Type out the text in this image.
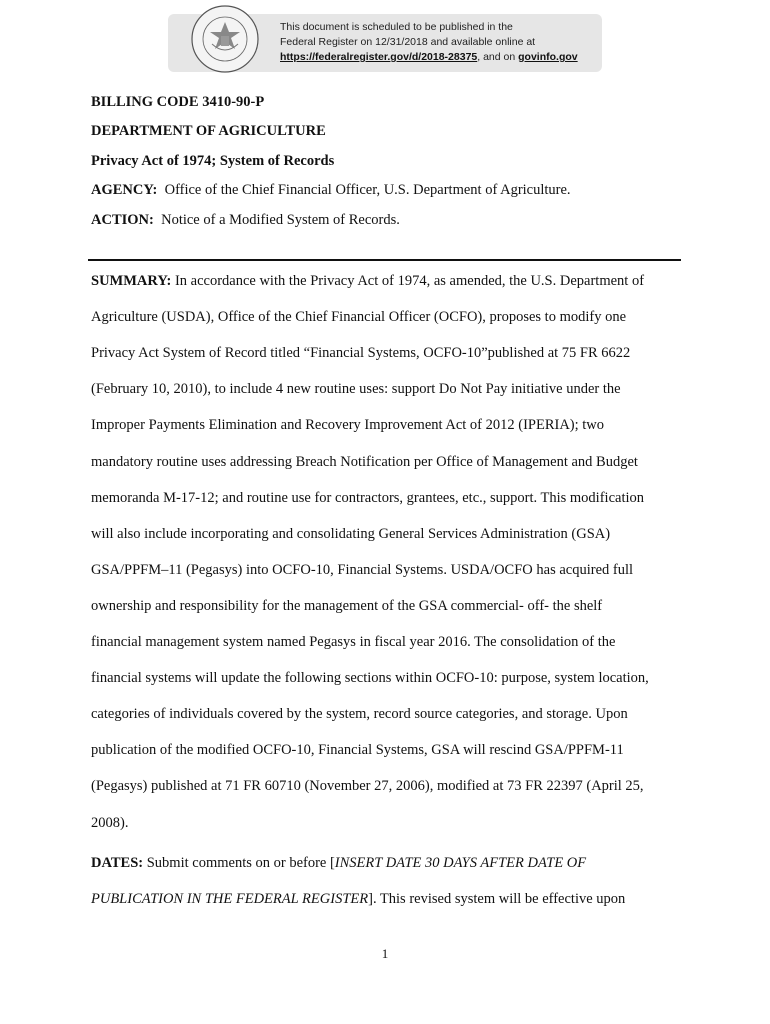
This document is scheduled to be published in the
Federal Register on 12/31/2018 and available online at
https://federalregister.gov/d/2018-28375, and on govinfo.gov
BILLING CODE 3410-90-P
DEPARTMENT OF AGRICULTURE
Privacy Act of 1974; System of Records
AGENCY: Office of the Chief Financial Officer, U.S. Department of Agriculture.
ACTION: Notice of a Modified System of Records.
SUMMARY: In accordance with the Privacy Act of 1974, as amended, the U.S. Department of
Agriculture (USDA), Office of the Chief Financial Officer (OCFO), proposes to modify one
Privacy Act System of Record titled “Financial Systems, OCFO-10”published at 75 FR 6622
(February 10, 2010), to include 4 new routine uses: support Do Not Pay initiative under the
Improper Payments Elimination and Recovery Improvement Act of 2012 (IPERIA); two
mandatory routine uses addressing Breach Notification per Office of Management and Budget
memoranda M-17-12; and routine use for contractors, grantees, etc., support. This modification
will also include incorporating and consolidating General Services Administration (GSA)
GSA/PPFM–11 (Pegasys) into OCFO-10, Financial Systems. USDA/OCFO has acquired full
ownership and responsibility for the management of the GSA commercial- off- the shelf
financial management system named Pegasys in fiscal year 2016. The consolidation of the
financial systems will update the following sections within OCFO-10: purpose, system location,
categories of individuals covered by the system, record source categories, and storage. Upon
publication of the modified OCFO-10, Financial Systems, GSA will rescind GSA/PPFM-11
(Pegasys) published at 71 FR 60710 (November 27, 2006), modified at 73 FR 22397 (April 25,
2008).
DATES: Submit comments on or before [INSERT DATE 30 DAYS AFTER DATE OF
PUBLICATION IN THE FEDERAL REGISTER]. This revised system will be effective upon
1
